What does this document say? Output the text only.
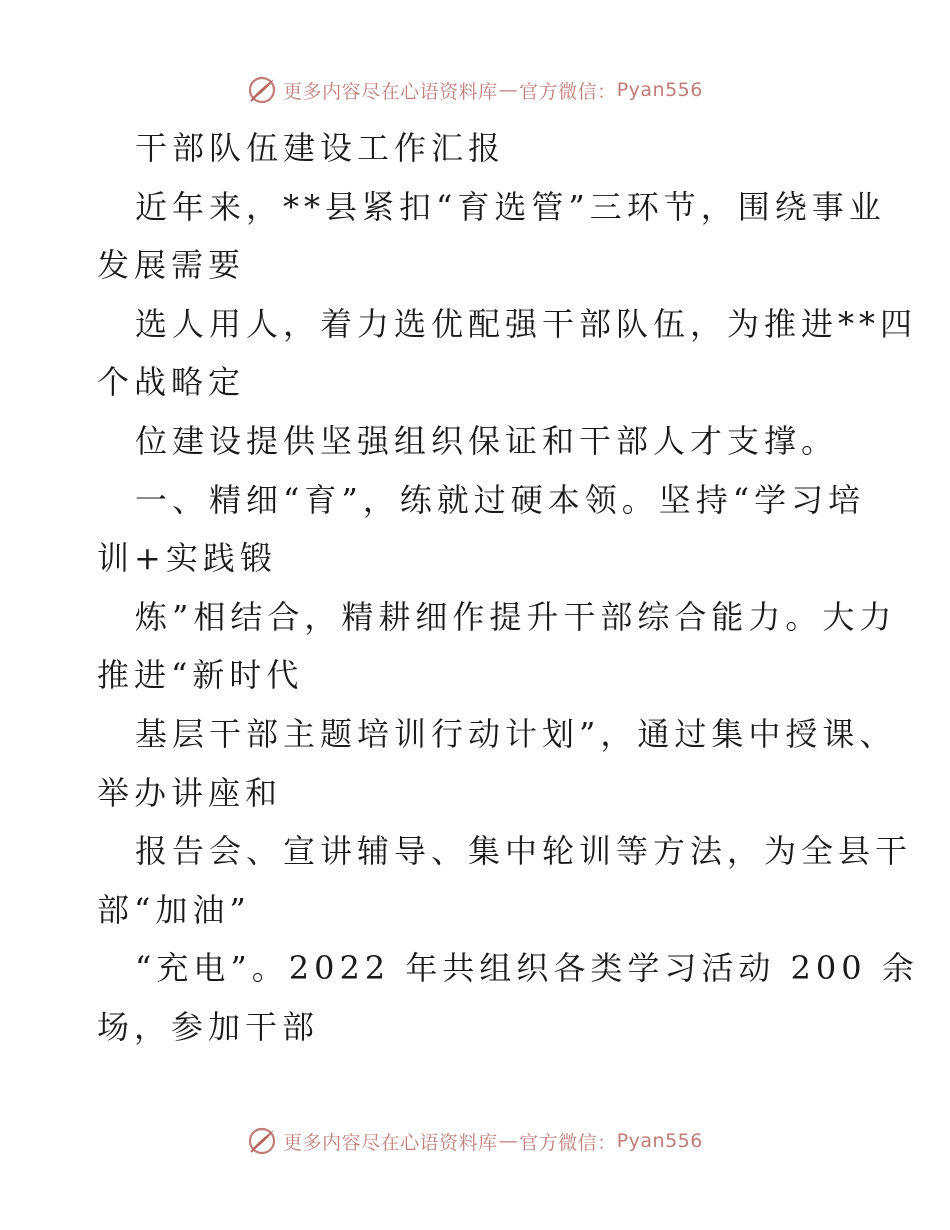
更多内容尽在心语资料库 — 官方微信： Pyan556
干部队伍建设工作汇报
近年来，**县紧扣“育选管”三环节，围绕事业
发展需要
选人用人，着力选优配强干部队伍，为推进**四
个战略定
位建设提供坚强组织保证和干部人才支撑。
一、精细“育”，练就过硬本领。坚持“学习培
训+实践锻
炼”相结合，精耕细作提升干部综合能力。大力
推进“新时代
基层干部主题培训行动计划”，通过集中授课、
举办讲座和
报告会、宣讲辅导、集中轮训等方法，为全县干
部“加油”
“充电”。2022 年共组织各类学习活动 200 余
场，参加干部
更多内容尽在心语资料库 — 官方微信： Pyan556
